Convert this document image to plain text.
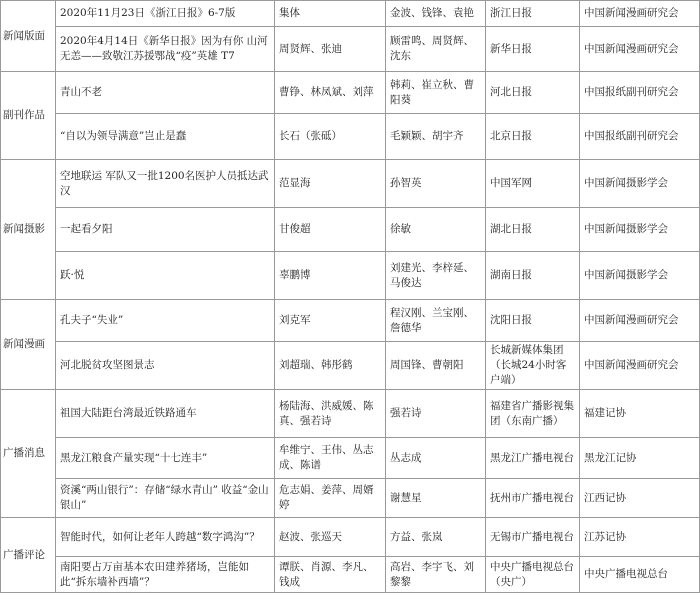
新闻版面	2020年11月23日《浙江日报》6-7版	集体	金波、钱锋、袁艳	浙江日报	中国新闻漫画研究会
	2020年4月14日《新华日报》因为有你 山河无恙——致敬江苏援鄂战“疫”英雄 T7	周贤辉、张迪	顾雷鸣、周贤辉、沈东	新华日报	中国新闻漫画研究会
副刊作品	青山不老	曹铮、林凤斌、刘萍	韩莉、崔立秋、曹阳葵	河北日报	中国报纸副刊研究会
	“自以为领导满意”岂止是蠢	长石（张砥）	毛颖颖、胡宇齐	北京日报	中国报纸副刊研究会
新闻摄影	空地联运 军队又一批1200名医护人员抵达武汉	范显海	孙智英	中国军网	中国新闻摄影学会
	一起看夕阳	甘俊超	徐敏	湖北日报	中国新闻摄影学会
	跃·悦	辜鹏博	刘建光、李梓延、马俊达	湖南日报	中国新闻摄影学会
新闻漫画	孔夫子“失业”	刘克军	程汉刚、兰宝刚、詹德华	沈阳日报	中国新闻漫画研究会
	河北脱贫攻坚图景志	刘超瑞、韩彤鹤	周国锋、曹朝阳	长城新媒体集团（长城24小时客户端）	中国新闻漫画研究会
广播消息	祖国大陆距台湾最近铁路通车	杨陆海、洪威媛、陈真、强若诗	强若诗	福建省广播影视集团（东南广播）	福建记协
	黑龙江粮食产量实现“十七连丰”	牟维宁、王伟、丛志成、陈谱	丛志成	黑龙江广播电视台	黑龙江记协
	资溪“两山银行”：存储“绿水青山” 收益“金山银山”	危志娟、姜萍、周婿婷	谢慧星	抚州市广播电视台	江西记协
广播评论	智能时代，如何让老年人跨越“数字鸿沟”？	赵波、张巡天	方益、张岚	无锡市广播电视台	江苏记协
	南阳要占万亩基本农田建养猪场，岂能如此“拆东墙补西墙”？	谭朕、肖源、李凡、钱成	高岩、李宇飞、刘黎黎	中央广播电视总台（央广）	中央广播电视总台
